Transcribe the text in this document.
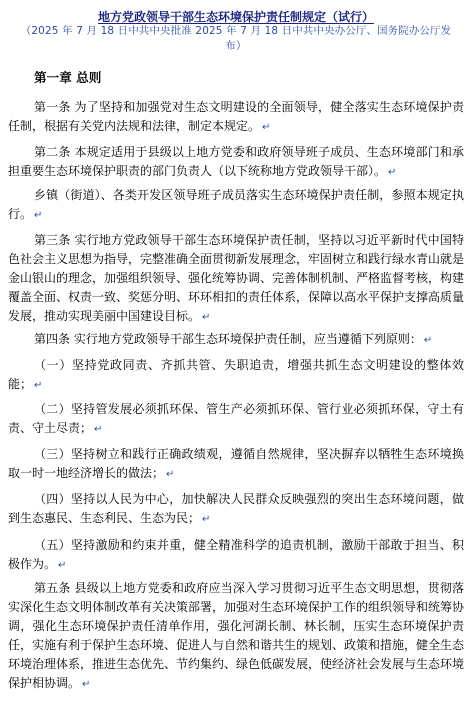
地方党政领导干部生态环境保护责任制规定（试行）
（2025 年 7 月 18 日中共中央批准 2025 年 7 月 18 日中共中央办公厅、国务院办公厅发布）
第一章 总则
第一条 为了坚持和加强党对生态文明建设的全面领导，健全落实生态环境保护责任制，根据有关党内法规和法律，制定本规定。 ↵
第二条 本规定适用于县级以上地方党委和政府领导班子成员、生态环境部门和承担重要生态环境保护职责的部门负责人（以下统称地方党政领导干部）。 ↵
乡镇（街道）、各类开发区领导班子成员落实生态环境保护责任制，参照本规定执行。 ↵
第三条 实行地方党政领导干部生态环境保护责任制，坚持以习近平新时代中国特色社会主义思想为指导，完整准确全面贯彻新发展理念，牢固树立和践行绿水青山就是金山银山的理念，加强组织领导、强化统筹协调、完善体制机制、严格监督考核，构建覆盖全面、权责一致、奖惩分明、环环相扣的责任体系，保障以高水平保护支撑高质量发展，推动实现美丽中国建设目标。 ↵
第四条 实行地方党政领导干部生态环境保护责任制，应当遵循下列原则： ↵
（一）坚持党政同责、齐抓共管、失职追责，增强共抓生态文明建设的整体效能； ↵
（二）坚持管发展必须抓环保、管生产必须抓环保、管行业必须抓环保，守土有责、守土尽责； ↵
（三）坚持树立和践行正确政绩观，遵循自然规律，坚决摒弃以牺牲生态环境换取一时一地经济增长的做法； ↵
（四）坚持以人民为中心，加快解决人民群众反映强烈的突出生态环境问题，做到生态惠民、生态利民、生态为民； ↵
（五）坚持激励和约束并重，健全精准科学的追责机制，激励干部敢于担当、积极作为。 ↵
第五条 县级以上地方党委和政府应当深入学习贯彻习近平生态文明思想，贯彻落实深化生态文明体制改革有关决策部署，加强对生态环境保护工作的组织领导和统筹协调，强化生态环境保护责任清单作用，强化河湖长制、林长制，压实生态环境保护责任，实施有利于保护生态环境、促进人与自然和谐共生的规划、政策和措施，健全生态环境治理体系，推进生态优先、节约集约、绿色低碳发展，使经济社会发展与生态环境保护相协调。 ↵
